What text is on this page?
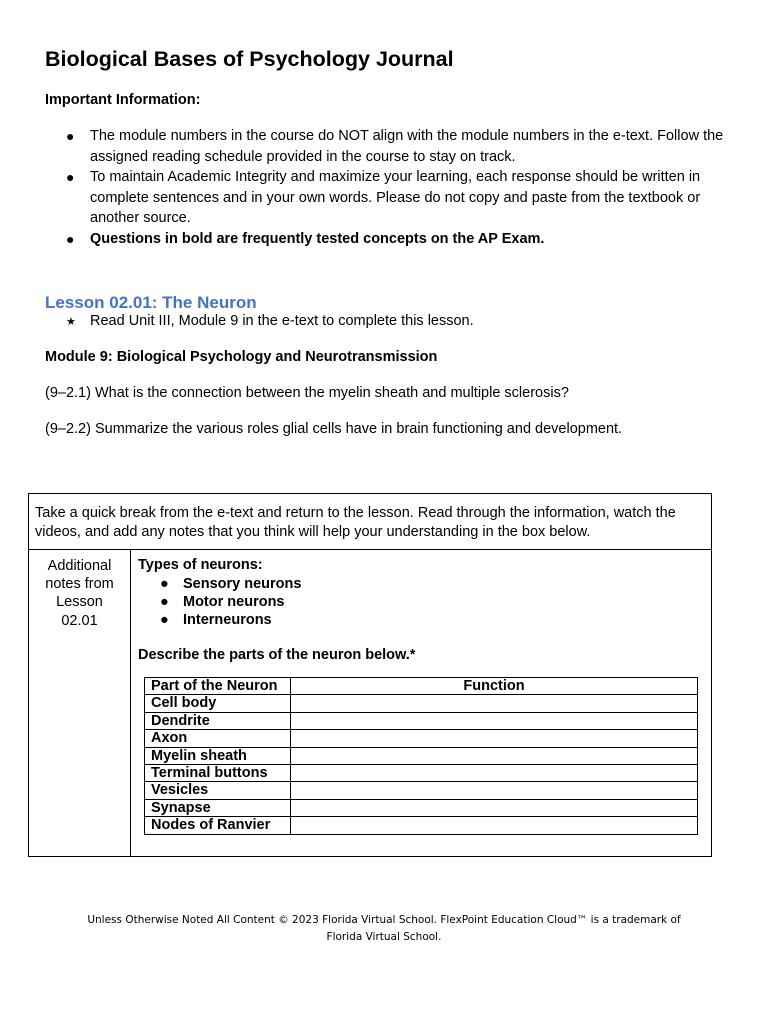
Biological Bases of Psychology Journal
Important Information:
● The module numbers in the course do NOT align with the module numbers in the e-text. Follow the assigned reading schedule provided in the course to stay on track.
● To maintain Academic Integrity and maximize your learning, each response should be written in complete sentences and in your own words. Please do not copy and paste from the textbook or another source.
● Questions in bold are frequently tested concepts on the AP Exam.
Lesson 02.01: The Neuron
★ Read Unit III, Module 9 in the e-text to complete this lesson.
Module 9: Biological Psychology and Neurotransmission
(9–2.1) What is the connection between the myelin sheath and multiple sclerosis?
(9–2.2) Summarize the various roles glial cells have in brain functioning and development.
Take a quick break from the e-text and return to the lesson. Read through the information, watch the videos, and add any notes that you think will help your understanding in the box below.
Additional
notes from
Lesson
02.01
Types of neurons:
● Sensory neurons
● Motor neurons
● Interneurons
Describe the parts of the neuron below.*
Part of the Neuron	Function
Cell body	
Dendrite	
Axon	
Myelin sheath	
Terminal buttons	
Vesicles	
Synapse	
Nodes of Ranvier	
Unless Otherwise Noted All Content © 2023 Florida Virtual School. FlexPoint Education Cloud™ is a trademark of
Florida Virtual School.
